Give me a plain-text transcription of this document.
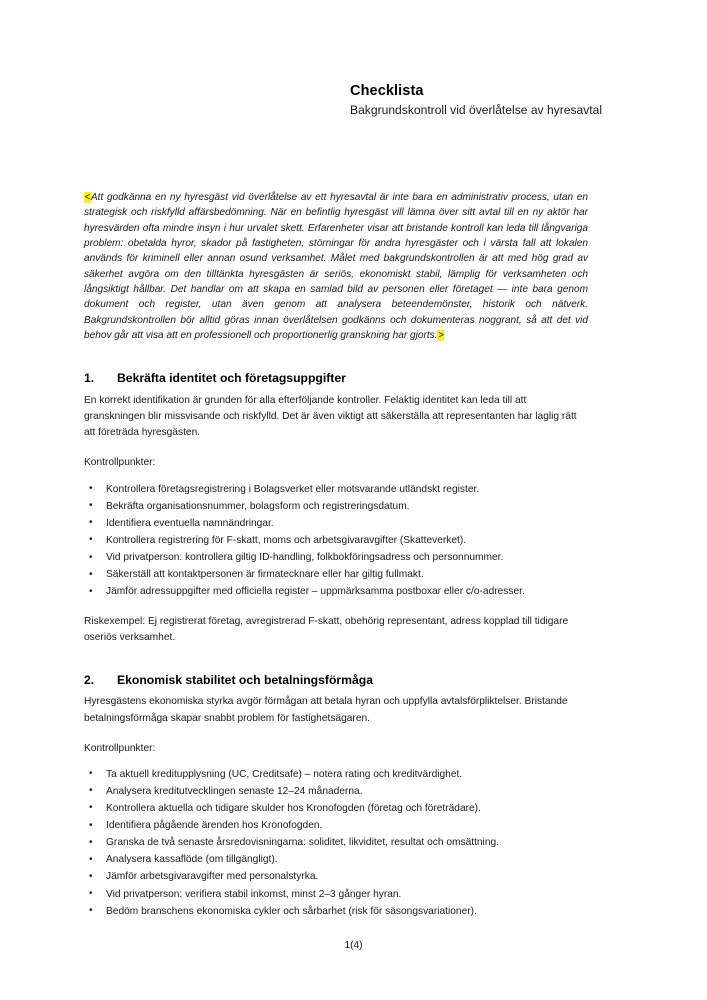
Checklista
Bakgrundskontroll vid överlåtelse av hyresavtal

<Att godkänna en ny hyresgäst vid överlåtelse av ett hyresavtal är inte bara en administrativ process, utan en strategisk och riskfylld affärsbedömning. När en befintlig hyresgäst vill lämna över sitt avtal till en ny aktör har hyresvärden ofta mindre insyn i hur urvalet skett. Erfarenheter visar att bristande kontroll kan leda till långvariga problem: obetalda hyror, skador på fastigheten, störningar för andra hyresgäster och i värsta fall att lokalen används för kriminell eller annan osund verksamhet. Målet med bakgrundskontrollen är att med hög grad av säkerhet avgöra om den tilltänkta hyresgästen är seriös, ekonomiskt stabil, lämplig för verksamheten och långsiktigt hållbar. Det handlar om att skapa en samlad bild av personen eller företaget — inte bara genom dokument och register, utan även genom att analysera beteendemönster, historik och nätverk. Bakgrundskontrollen bör alltid göras innan överlåtelsen godkänns och dokumenteras noggrant, så att det vid behov går att visa att en professionell och proportionerlig granskning har gjorts.>

1.	Bekräfta identitet och företagsuppgifter

En korrekt identifikation är grunden för alla efterföljande kontroller. Felaktig identitet kan leda till att granskningen blir missvisande och riskfylld. Det är även viktigt att säkerställa att representanten har laglig rätt att företräda hyresgästen.

Kontrollpunkter:

• Kontrollera företagsregistrering i Bolagsverket eller motsvarande utländskt register.
• Bekräfta organisationsnummer, bolagsform och registreringsdatum.
• Identifiera eventuella namnändringar.
• Kontrollera registrering för F-skatt, moms och arbetsgivaravgifter (Skatteverket).
• Vid privatperson: kontrollera giltig ID-handling, folkbokföringsadress och personnummer.
• Säkerställ att kontaktpersonen är firmatecknare eller har giltig fullmakt.
• Jämför adressuppgifter med officiella register – uppmärksamma postboxar eller c/o-adresser.

Riskexempel: Ej registrerat företag, avregistrerad F-skatt, obehörig representant, adress kopplad till tidigare oseriös verksamhet.

2.	Ekonomisk stabilitet och betalningsförmåga

Hyresgästens ekonomiska styrka avgör förmågan att betala hyran och uppfylla avtalsförpliktelser. Bristande betalningsförmåga skapar snabbt problem för fastighetsägaren.

Kontrollpunkter:

• Ta aktuell kreditupplysning (UC, Creditsafe) – notera rating och kreditvärdighet.
• Analysera kreditutvecklingen senaste 12–24 månaderna.
• Kontrollera aktuella och tidigare skulder hos Kronofogden (företag och företrädare).
• Identifiera pågående ärenden hos Kronofogden.
• Granska de två senaste årsredovisningarna: soliditet, likviditet, resultat och omsättning.
• Analysera kassaflöde (om tillgängligt).
• Jämför arbetsgivaravgifter med personalstyrka.
• Vid privatperson: verifiera stabil inkomst, minst 2–3 gånger hyran.
• Bedöm branschens ekonomiska cykler och sårbarhet (risk för säsongsvariationer).
1(4)
